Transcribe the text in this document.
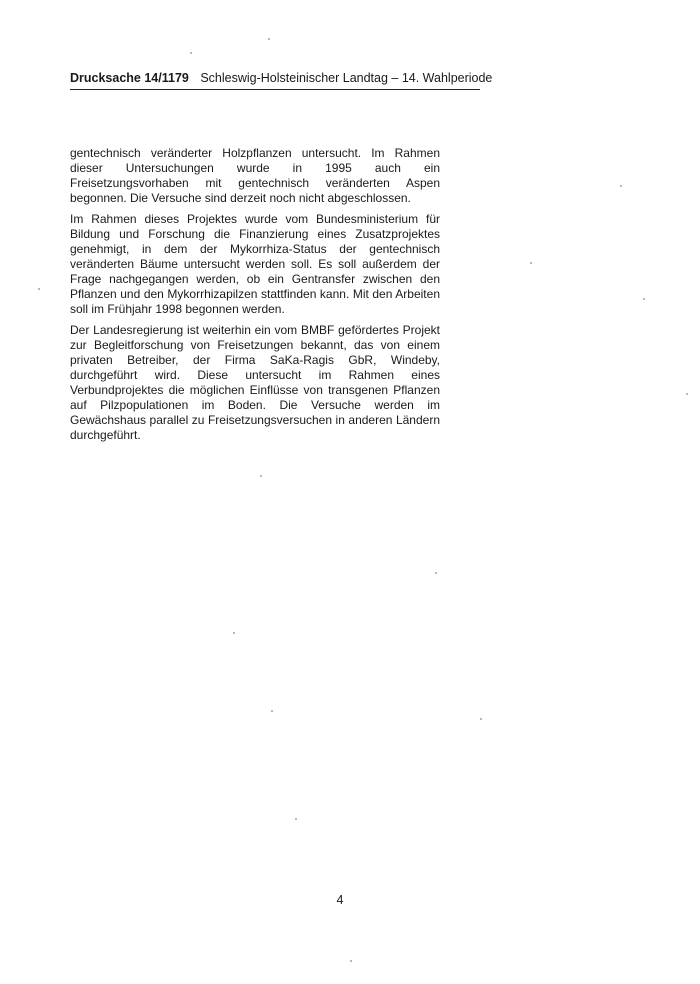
Drucksache 14/1179 Schleswig-Holsteinischer Landtag – 14. Wahlperiode

gentechnisch veränderter Holzpflanzen untersucht. Im Rahmen dieser Untersuchungen wurde in 1995 auch ein Freisetzungsvorhaben mit gentechnisch veränderten Aspen begonnen. Die Versuche sind derzeit noch nicht abgeschlossen.

Im Rahmen dieses Projektes wurde vom Bundesministerium für Bildung und Forschung die Finanzierung eines Zusatzprojektes genehmigt, in dem der Mykorrhiza-Status der gentechnisch veränderten Bäume untersucht werden soll. Es soll außerdem der Frage nachgegangen werden, ob ein Gentransfer zwischen den Pflanzen und den Mykorrhizapilzen stattfinden kann. Mit den Arbeiten soll im Frühjahr 1998 begonnen werden.

Der Landesregierung ist weiterhin ein vom BMBF gefördertes Projekt zur Begleitforschung von Freisetzungen bekannt, das von einem privaten Betreiber, der Firma SaKa-Ragis GbR, Windeby, durchgeführt wird. Diese untersucht im Rahmen eines Verbundprojektes die möglichen Einflüsse von transgenen Pflanzen auf Pilzpopulationen im Boden. Die Versuche werden im Gewächshaus parallel zu Freisetzungsversuchen in anderen Ländern durchgeführt.

4
